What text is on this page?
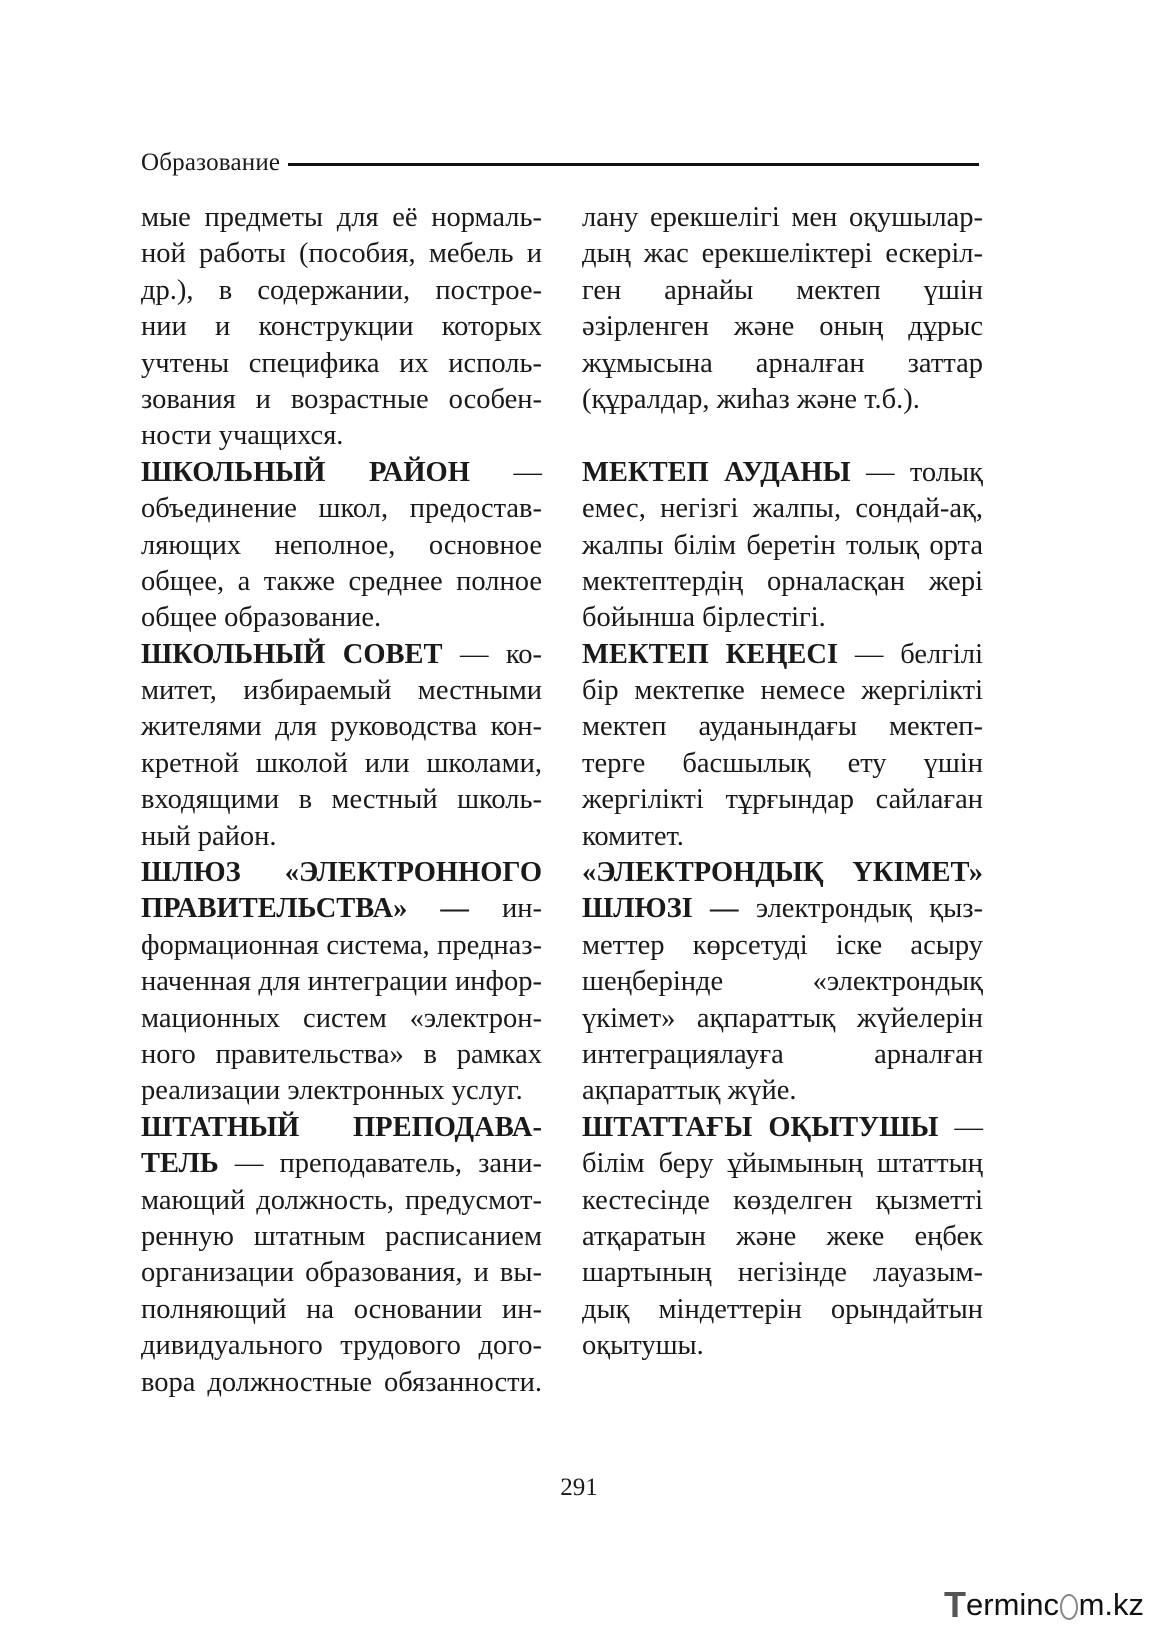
Образование
мые предметы для её нормаль-
ной работы (пособия, мебель и
др.), в содержании, построе-
нии и конструкции которых
учтены специфика их исполь-
зования и возрастные особен-
ности учащихся.
ШКОЛЬНЫЙ РАЙОН —
объединение школ, предостав-
ляющих неполное, основное
общее, а также среднее полное
общее образование.
ШКОЛЬНЫЙ СОВЕТ — ко-
митет, избираемый местными
жителями для руководства кон-
кретной школой или школами,
входящими в местный школь-
ный район.
ШЛЮЗ «ЭЛЕКТРОННОГО
ПРАВИТЕЛЬСТВА» — ин-
формационная система, предназ-
наченная для интеграции инфор-
мационных систем «электрон-
ного правительства» в рамках
реализации электронных услуг.
ШТАТНЫЙ ПРЕПОДАВА-
ТЕЛЬ — преподаватель, зани-
мающий должность, предусмот-
ренную штатным расписанием
организации образования, и вы-
полняющий на основании ин-
дивидуального трудового дого-
вора должностные обязанности.
лану ерекшелігі мен оқушылар-
дың жас ерекшеліктері ескеріл-
ген арнайы мектеп үшін
әзірленген және оның дұрыс
жұмысына арналған заттар
(құралдар, жиһаз және т.б.).
МЕКТЕП АУДАНЫ — толық
емес, негізгі жалпы, сондай-ақ,
жалпы білім беретін толық орта
мектептердің орналасқан жері
бойынша бірлестігі.
МЕКТЕП КЕҢЕСІ — белгілі
бір мектепке немесе жергілікті
мектеп ауданындағы мектеп-
терге басшылық ету үшін
жергілікті тұрғындар сайлаған
комитет.
«ЭЛЕКТРОНДЫҚ ҮКІМЕТ»
ШЛЮЗІ — электрондық қыз-
меттер көрсетуді іске асыру
шеңберінде «электрондық
үкімет» ақпараттық жүйелерін
интеграциялауға арналған
ақпараттық жүйе.
ШТАТТАҒЫ ОҚЫТУШЫ —
білім беру ұйымының штаттың
кестесінде көзделген қызметті
атқаратын және жеке еңбек
шартының негізінде лауазым-
дық міндеттерін орындайтын
оқытушы.
291
T erminc m.kz
